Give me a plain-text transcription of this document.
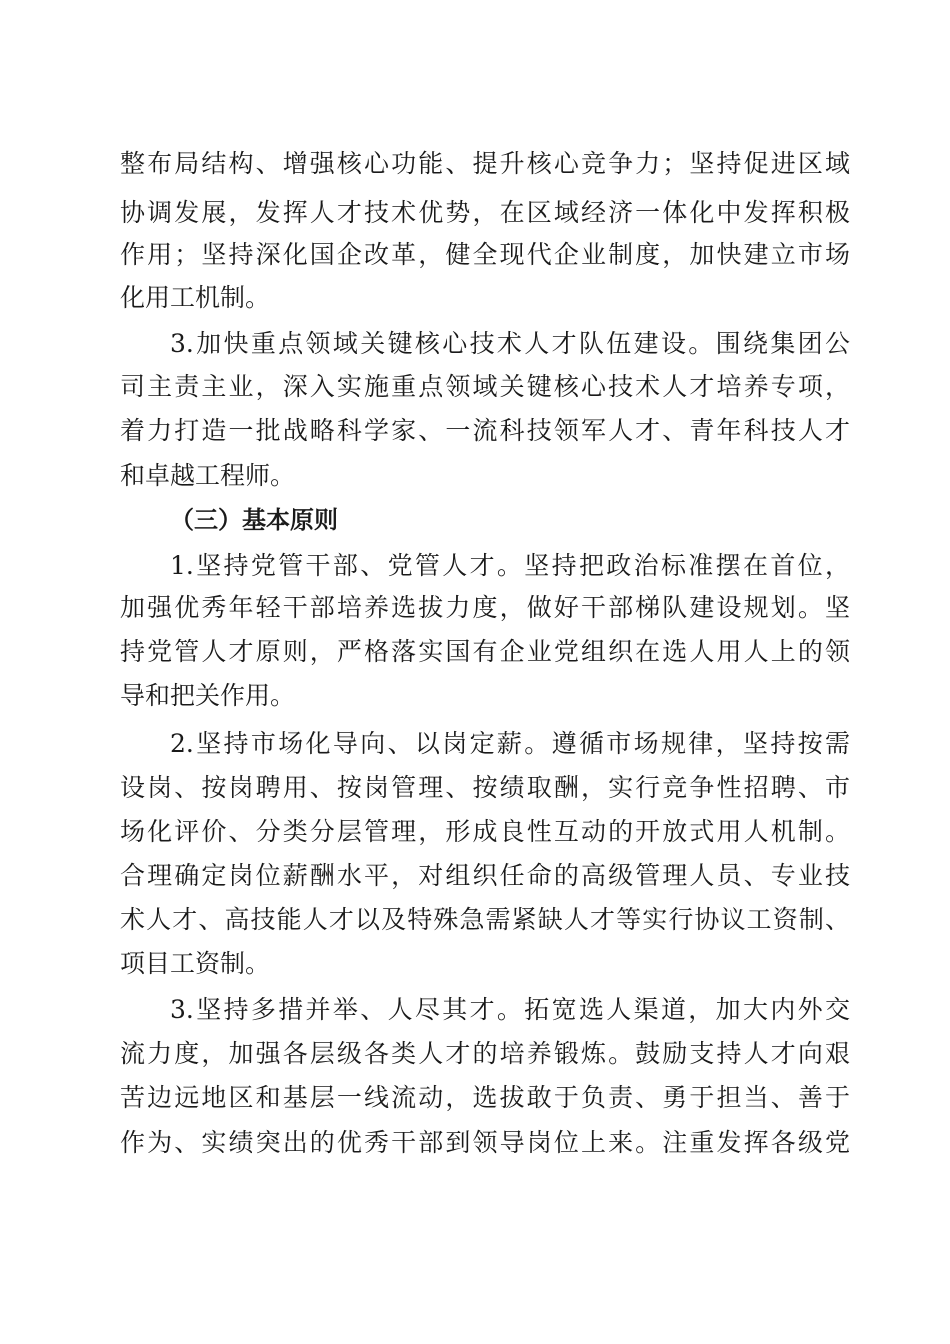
整布局结构、增强核心功能、提升核心竞争力；坚持促进区域
协调发展，发挥人才技术优势，在区域经济一体化中发挥积极
作用；坚持深化国企改革，健全现代企业制度，加快建立市场
化用工机制。
3.加快重点领域关键核心技术人才队伍建设。围绕集团公
司主责主业，深入实施重点领域关键核心技术人才培养专项，
着力打造一批战略科学家、一流科技领军人才、青年科技人才
和卓越工程师。
（三）基本原则
1.坚持党管干部、党管人才。坚持把政治标准摆在首位，
加强优秀年轻干部培养选拔力度，做好干部梯队建设规划。坚
持党管人才原则，严格落实国有企业党组织在选人用人上的领
导和把关作用。
2.坚持市场化导向、以岗定薪。遵循市场规律，坚持按需
设岗、按岗聘用、按岗管理、按绩取酬，实行竞争性招聘、市
场化评价、分类分层管理，形成良性互动的开放式用人机制。
合理确定岗位薪酬水平，对组织任命的高级管理人员、专业技
术人才、高技能人才以及特殊急需紧缺人才等实行协议工资制、
项目工资制。
3.坚持多措并举、人尽其才。拓宽选人渠道，加大内外交
流力度，加强各层级各类人才的培养锻炼。鼓励支持人才向艰
苦边远地区和基层一线流动，选拔敢于负责、勇于担当、善于
作为、实绩突出的优秀干部到领导岗位上来。注重发挥各级党
